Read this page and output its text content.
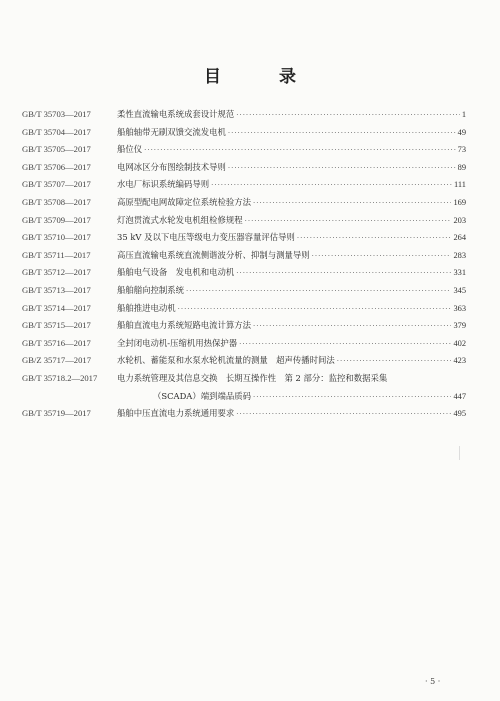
目 录
GB/T 35703—2017	柔性直流输电系统成套设计规范 ·····	1
GB/T 35704—2017	船舶轴带无刷双馈交流发电机 ·····	49
GB/T 35705—2017	船位仪 ·····	73
GB/T 35706—2017	电网冰区分布图绘制技术导则 ·····	89
GB/T 35707—2017	水电厂标识系统编码导则 ·····	111
GB/T 35708—2017	高原型配电网故障定位系统检验方法 ·····	169
GB/T 35709—2017	灯泡贯流式水轮发电机组检修规程 ·····	203
GB/T 35710—2017	35 kV 及以下电压等级电力变压器容量评估导则 ·····	264
GB/T 35711—2017	高压直流输电系统直流侧谐波分析、抑制与测量导则 ·····	283
GB/T 35712—2017	船舶电气设备　发电机和电动机 ·····	331
GB/T 35713—2017	船舶艏向控制系统 ·····	345
GB/T 35714—2017	船舶推进电动机 ·····	363
GB/T 35715—2017	船舶直流电力系统短路电流计算方法 ·····	379
GB/T 35716—2017	全封闭电动机-压缩机用热保护器 ·····	402
GB/Z 35717—2017	水轮机、蓄能泵和水泵水轮机流量的测量　超声传播时间法 ·····	423
GB/T 35718.2—2017	电力系统管理及其信息交换　长期互操作性　第 2 部分：监控和数据采集
（SCADA）端到端品质码 ·····	447
GB/T 35719—2017	船舶中压直流电力系统通用要求 ·····	495
· 5 ·
